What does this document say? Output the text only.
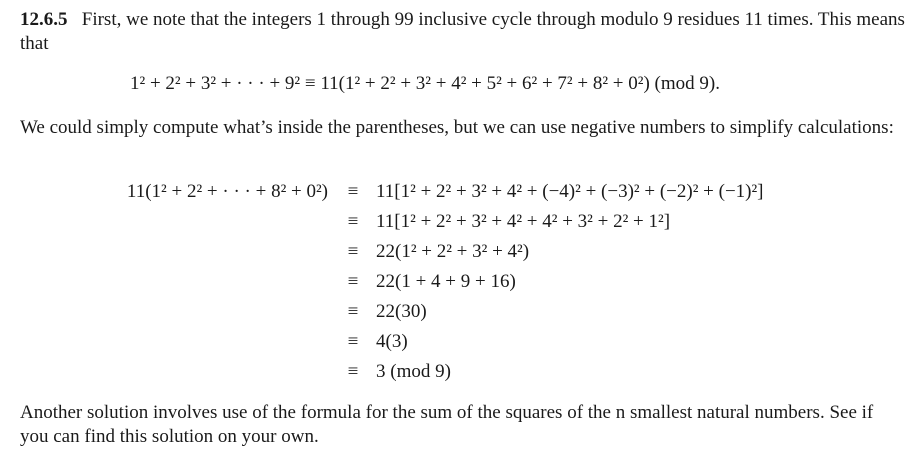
12.6.5 First, we note that the integers 1 through 99 inclusive cycle through modulo 9 residues 11 times. This means that

1² + 2² + 3² + · · · + 9² ≡ 11(1² + 2² + 3² + 4² + 5² + 6² + 7² + 8² + 0²) (mod 9).

We could simply compute what’s inside the parentheses, but we can use negative numbers to simplify calculations:

11(1² + 2² + · · · + 8² + 0²) ≡ 11[1² + 2² + 3² + 4² + (−4)² + (−3)² + (−2)² + (−1)²]
≡ 11[1² + 2² + 3² + 4² + 4² + 3² + 2² + 1²]
≡ 22(1² + 2² + 3² + 4²)
≡ 22(1 + 4 + 9 + 16)
≡ 22(30)
≡ 4(3)
≡ 3 (mod 9)

Another solution involves use of the formula for the sum of the squares of the n smallest natural numbers. See if you can find this solution on your own.
